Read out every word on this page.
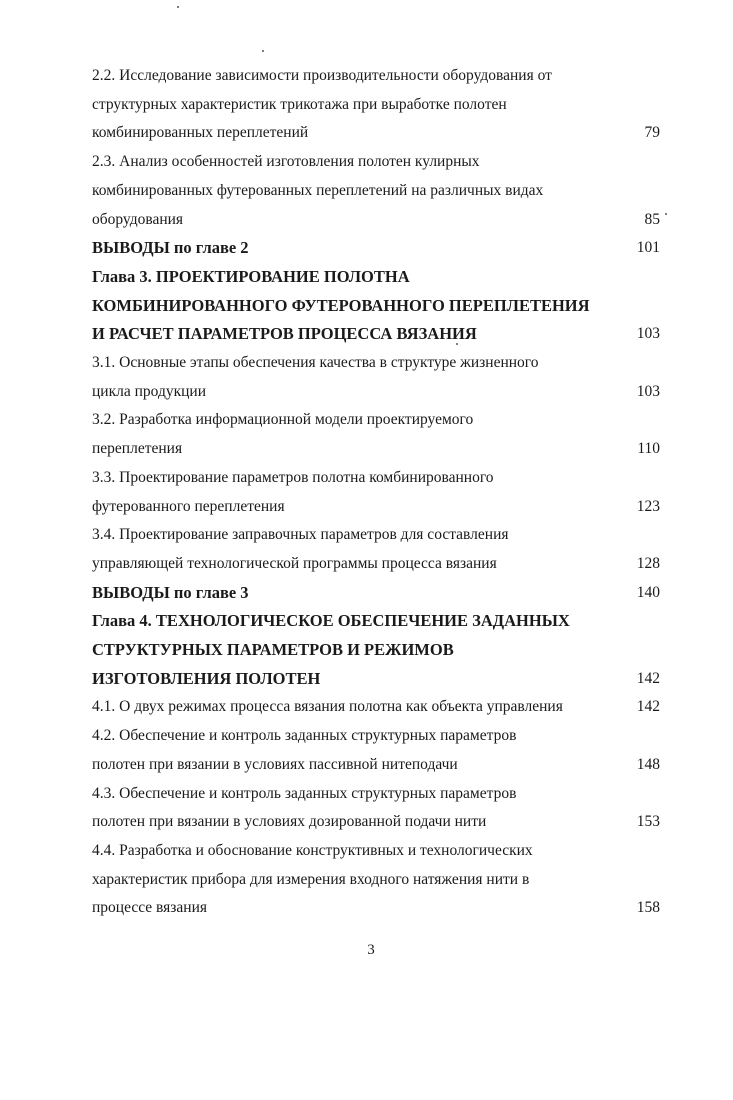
2.2. Исследование зависимости производительности оборудования от
структурных характеристик трикотажа при выработке полотен
комбинированных переплетений	79
2.3. Анализ особенностей изготовления полотен кулирных
комбинированных футерованных переплетений на различных видах
оборудования	85
ВЫВОДЫ по главе 2	101
Глава 3. ПРОЕКТИРОВАНИЕ ПОЛОТНА
КОМБИНИРОВАННОГО ФУТЕРОВАННОГО ПЕРЕПЛЕТЕНИЯ
И РАСЧЕТ ПАРАМЕТРОВ ПРОЦЕССА ВЯЗАНИЯ	103
3.1. Основные этапы обеспечения качества в структуре жизненного
цикла продукции	103
3.2. Разработка информационной модели проектируемого
переплетения	110
3.3. Проектирование параметров полотна комбинированного
футерованного переплетения	123
3.4. Проектирование заправочных параметров для составления
управляющей технологической программы процесса вязания	128
ВЫВОДЫ по главе 3	140
Глава 4. ТЕХНОЛОГИЧЕСКОЕ ОБЕСПЕЧЕНИЕ ЗАДАННЫХ
СТРУКТУРНЫХ ПАРАМЕТРОВ И РЕЖИМОВ
ИЗГОТОВЛЕНИЯ ПОЛОТЕН	142
4.1. О двух режимах процесса вязания полотна как объекта управления	142
4.2. Обеспечение и контроль заданных структурных параметров
полотен при вязании в условиях пассивной нитеподачи	148
4.3. Обеспечение и контроль заданных структурных параметров
полотен при вязании в условиях дозированной подачи нити	153
4.4. Разработка и обоснование конструктивных и технологических
характеристик прибора для измерения входного натяжения нити в
процессе вязания	158
3
